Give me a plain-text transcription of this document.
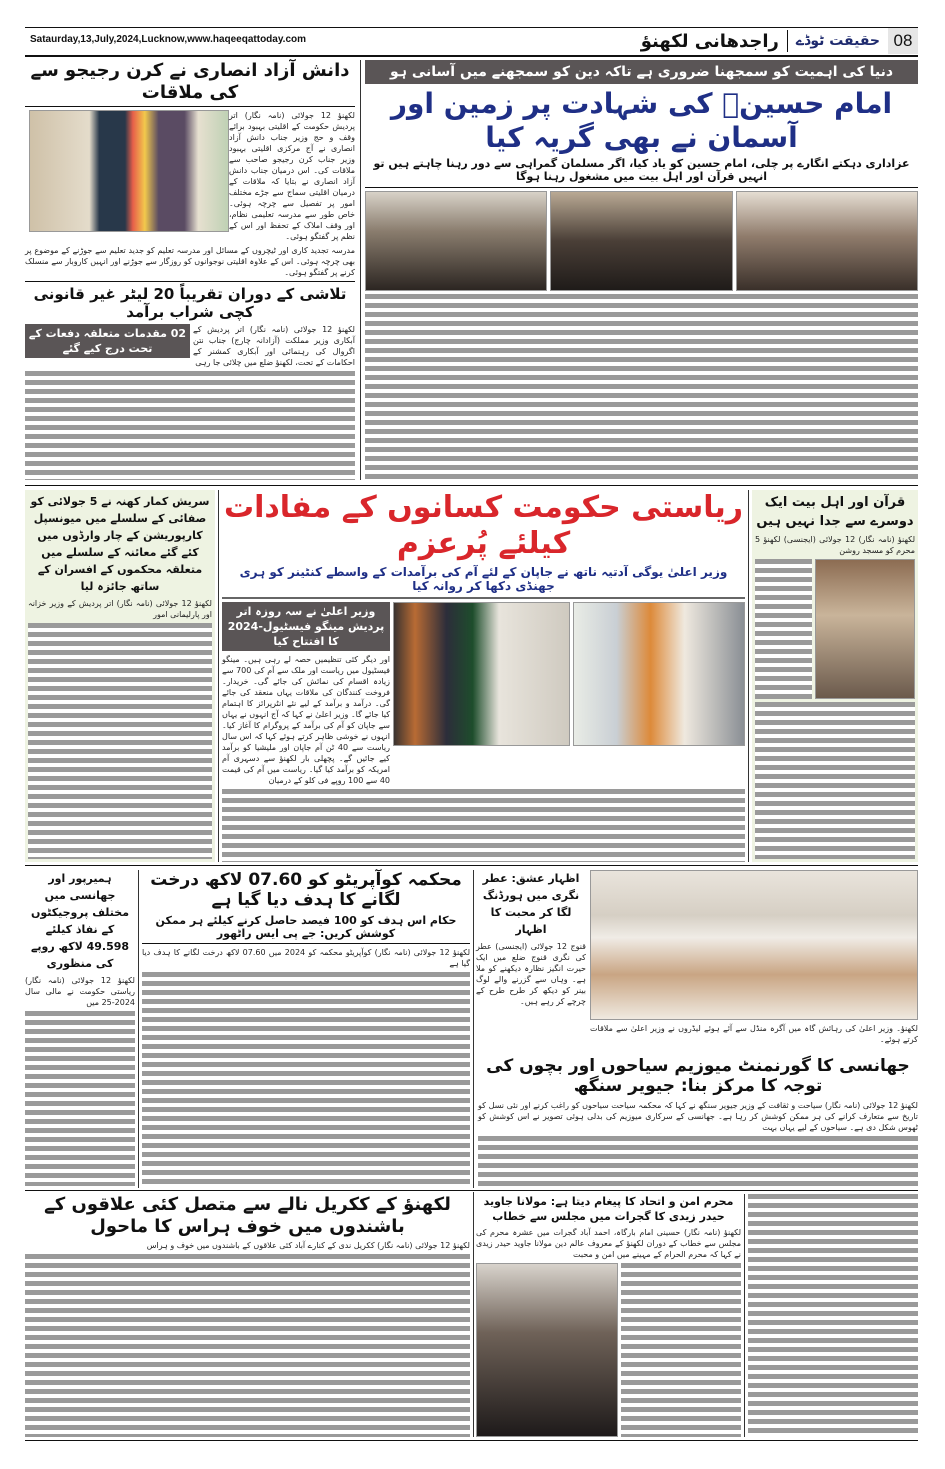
Sataurday,13,July,2024,Lucknow,www.haqeeqattoday.com	راجدھانی لکھنؤ حقیقت ٹوڈے 08
دانش آزاد انصاری نے کرن رجیجو سے کی ملاقات
لکھنؤ 12 جولائی (نامہ نگار) اتر پردیش حکومت کے اقلیتی بہبود برائے وقف و حج وزیر جناب دانش آزاد انصاری نے آج مرکزی اقلیتی بہبود وزیر جناب کرن رجیجو صاحب سے ملاقات کی۔ اس درمیان جناب دانش آزاد انصاری نے بتایا کہ ملاقات کے درمیان اقلیتی سماج سے جڑے مختلف امور پر تفصیل سے چرچہ ہوئی۔ خاص طور سے مدرسہ تعلیمی نظام، اور وقف املاک کے تحفظ اور اس کے نظم پر گفتگو ہوئی۔
مدرسہ تجدید کاری اور ٹیچروں کے مسائل اور مدرسہ تعلیم کو جدید تعلیم سے جوڑنے کے موضوع پر بھی چرچہ ہوئی۔ اس کے علاوہ اقلیتی نوجوانوں کو روزگار سے جوڑنے اور انہیں کاروبار سے منسلک کرنے پر گفتگو ہوئی۔
تلاشی کے دوران تقریباً 20 لیٹر غیر قانونی کچی شراب برآمد
لکھنؤ 12 جولائی (نامہ نگار) اتر پردیش کے آبکاری وزیر مملکت (آزادانہ چارج) جناب نتن اگروال کی رہنمائی اور آبکاری کمشنر کے احکامات کے تحت، لکھنؤ ضلع میں چلائی جا رہی
02 مقدمات متعلقہ دفعات کے تحت درج کیے گئے
دنیا کی اہمیت کو سمجھنا ضروری ہے تاکہ دین کو سمجھنے میں آسانی ہو
امام حسینؑ کی شہادت پر زمین اور آسمان نے بھی گریہ کیا
عزاداری دہکتے انگارے پر چلی، امام حسین کو یاد کیا، اگر مسلمان گمراہی سے دور رہنا چاہتے ہیں تو انہیں قرآن اور اہل بیت میں مشغول رہنا ہوگا
سریش کمار کھنہ نے 5 جولائی کو صفائی کے سلسلے میں میونسپل کارپوریشن کے چار وارڈوں میں کئے گئے معائنہ کے سلسلے میں متعلقہ محکموں کے افسران کے ساتھ جائزہ لیا
لکھنؤ 12 جولائی (نامہ نگار) اتر پردیش کے وزیر خزانہ اور پارلیمانی امور
ریاستی حکومت کسانوں کے مفادات کیلئے پُرعزم
وزیر اعلیٰ یوگی آدتیہ ناتھ نے جاپان کے لئے آم کی برآمدات کے واسطے کنٹینر کو ہری جھنڈی دکھا کر روانہ کیا
وزیر اعلیٰ نے سہ روزہ اتر پردیش مینگو فیسٹیول-2024 کا افتتاح کیا
اور دیگر کئی تنظیمیں حصہ لے رہی ہیں۔ مینگو فیسٹیول میں ریاست اور ملک سے آم کی 700 سے زیادہ اقسام کی نمائش کی جائے گی۔ خریدار۔ فروخت کنندگان کی ملاقات یہاں منعقد کی جائے گی۔ درآمد و برآمد کے لیے نئے انٹرپرائز کا اہتمام کیا جائے گا۔ وزیر اعلیٰ نے کہا کہ آج انہوں نے یہاں سے جاپان کو آم کی برآمد کے پروگرام کا آغاز کیا۔ انہوں نے خوشی ظاہر کرتے ہوئے کہا کہ اس سال ریاست سے 40 ٹن آم جاپان اور ملیشیا کو برآمد کیے جائیں گے۔ پچھلی بار لکھنؤ سے دسہری آم امریکہ کو برآمد کیا گیا۔ ریاست میں آم کی قیمت 40 سے 100 روپے فی کلو کے درمیان
قرآن اور اہل بیت ایک دوسرے سے جدا نہیں ہیں
لکھنؤ (نامہ نگار) 12 جولائی (ایجنسی) لکھنؤ 5 محرم کو مسجد روشن
ہمیرپور اور جھانسی میں مختلف پروجیکٹوں کے نفاذ کیلئے 49.598 لاکھ روپے کی منظوری
لکھنؤ 12 جولائی (نامہ نگار) ریاستی حکومت نے مالی سال 2024-25 میں
محکمہ کوآپریٹو کو 07.60 لاکھ درخت لگانے کا ہدف دیا گیا ہے
حکام اس ہدف کو 100 فیصد حاصل کرنے کیلئے ہر ممکن کوشش کریں: جے پی ایس راٹھور
لکھنؤ 12 جولائی (نامہ نگار) کوآپریٹو محکمہ کو 2024 میں 07.60 لاکھ درخت لگانے کا ہدف دیا گیا ہے
اظہار عشق: عطر نگری میں ہورڈنگ لگا کر محبت کا اظہار
قنوج 12 جولائی (ایجنسی) عطر کی نگری قنوج ضلع میں ایک حیرت انگیز نظارہ دیکھنے کو ملا ہے۔ وہاں سے گزرنے والے لوگ بینر کو دیکھ کر طرح طرح کے چرچے کر رہے ہیں۔
لکھنؤ۔ وزیر اعلیٰ کی رہائش گاہ میں آگرہ منڈل سے آئے ہوئے لیڈروں نے وزیر اعلیٰ سے ملاقات کرتے ہوئے۔
جھانسی کا گورنمنٹ میوزیم سیاحوں اور بچوں کی توجہ کا مرکز بنا: جیویر سنگھ
لکھنؤ 12 جولائی (نامہ نگار) سیاحت و ثقافت کے وزیر جیویر سنگھ نے کہا کہ محکمہ سیاحت سیاحوں کو راغب کرنے اور نئی نسل کو تاریخ سے متعارف کرانے کی ہر ممکن کوشش کر رہا ہے۔ جھانسی کے سرکاری میوزیم کی بدلی ہوئی تصویر نے اس کوشش کو ٹھوس شکل دی ہے۔ سیاحوں کے لیے یہاں بہت
لکھنؤ کے ککریل نالے سے متصل کئی علاقوں کے باشندوں میں خوف ہراس کا ماحول
لکھنؤ 12 جولائی (نامہ نگار) ککریل ندی کے کنارے آباد کئی علاقوں کے باشندوں میں خوف و ہراس
محرم امن و اتحاد کا پیغام دیتا ہے: مولانا جاوید حیدر زیدی کا گجرات میں مجلس سے خطاب
لکھنؤ (نامہ نگار) حسینی امام بارگاہ، احمد آباد گجرات میں عشرہ محرم کی مجلس سے خطاب کے دوران لکھنؤ کے معروف عالم دین مولانا جاوید حیدر زیدی نے کہا کہ محرم الحرام کے مہینے میں امن و محبت
